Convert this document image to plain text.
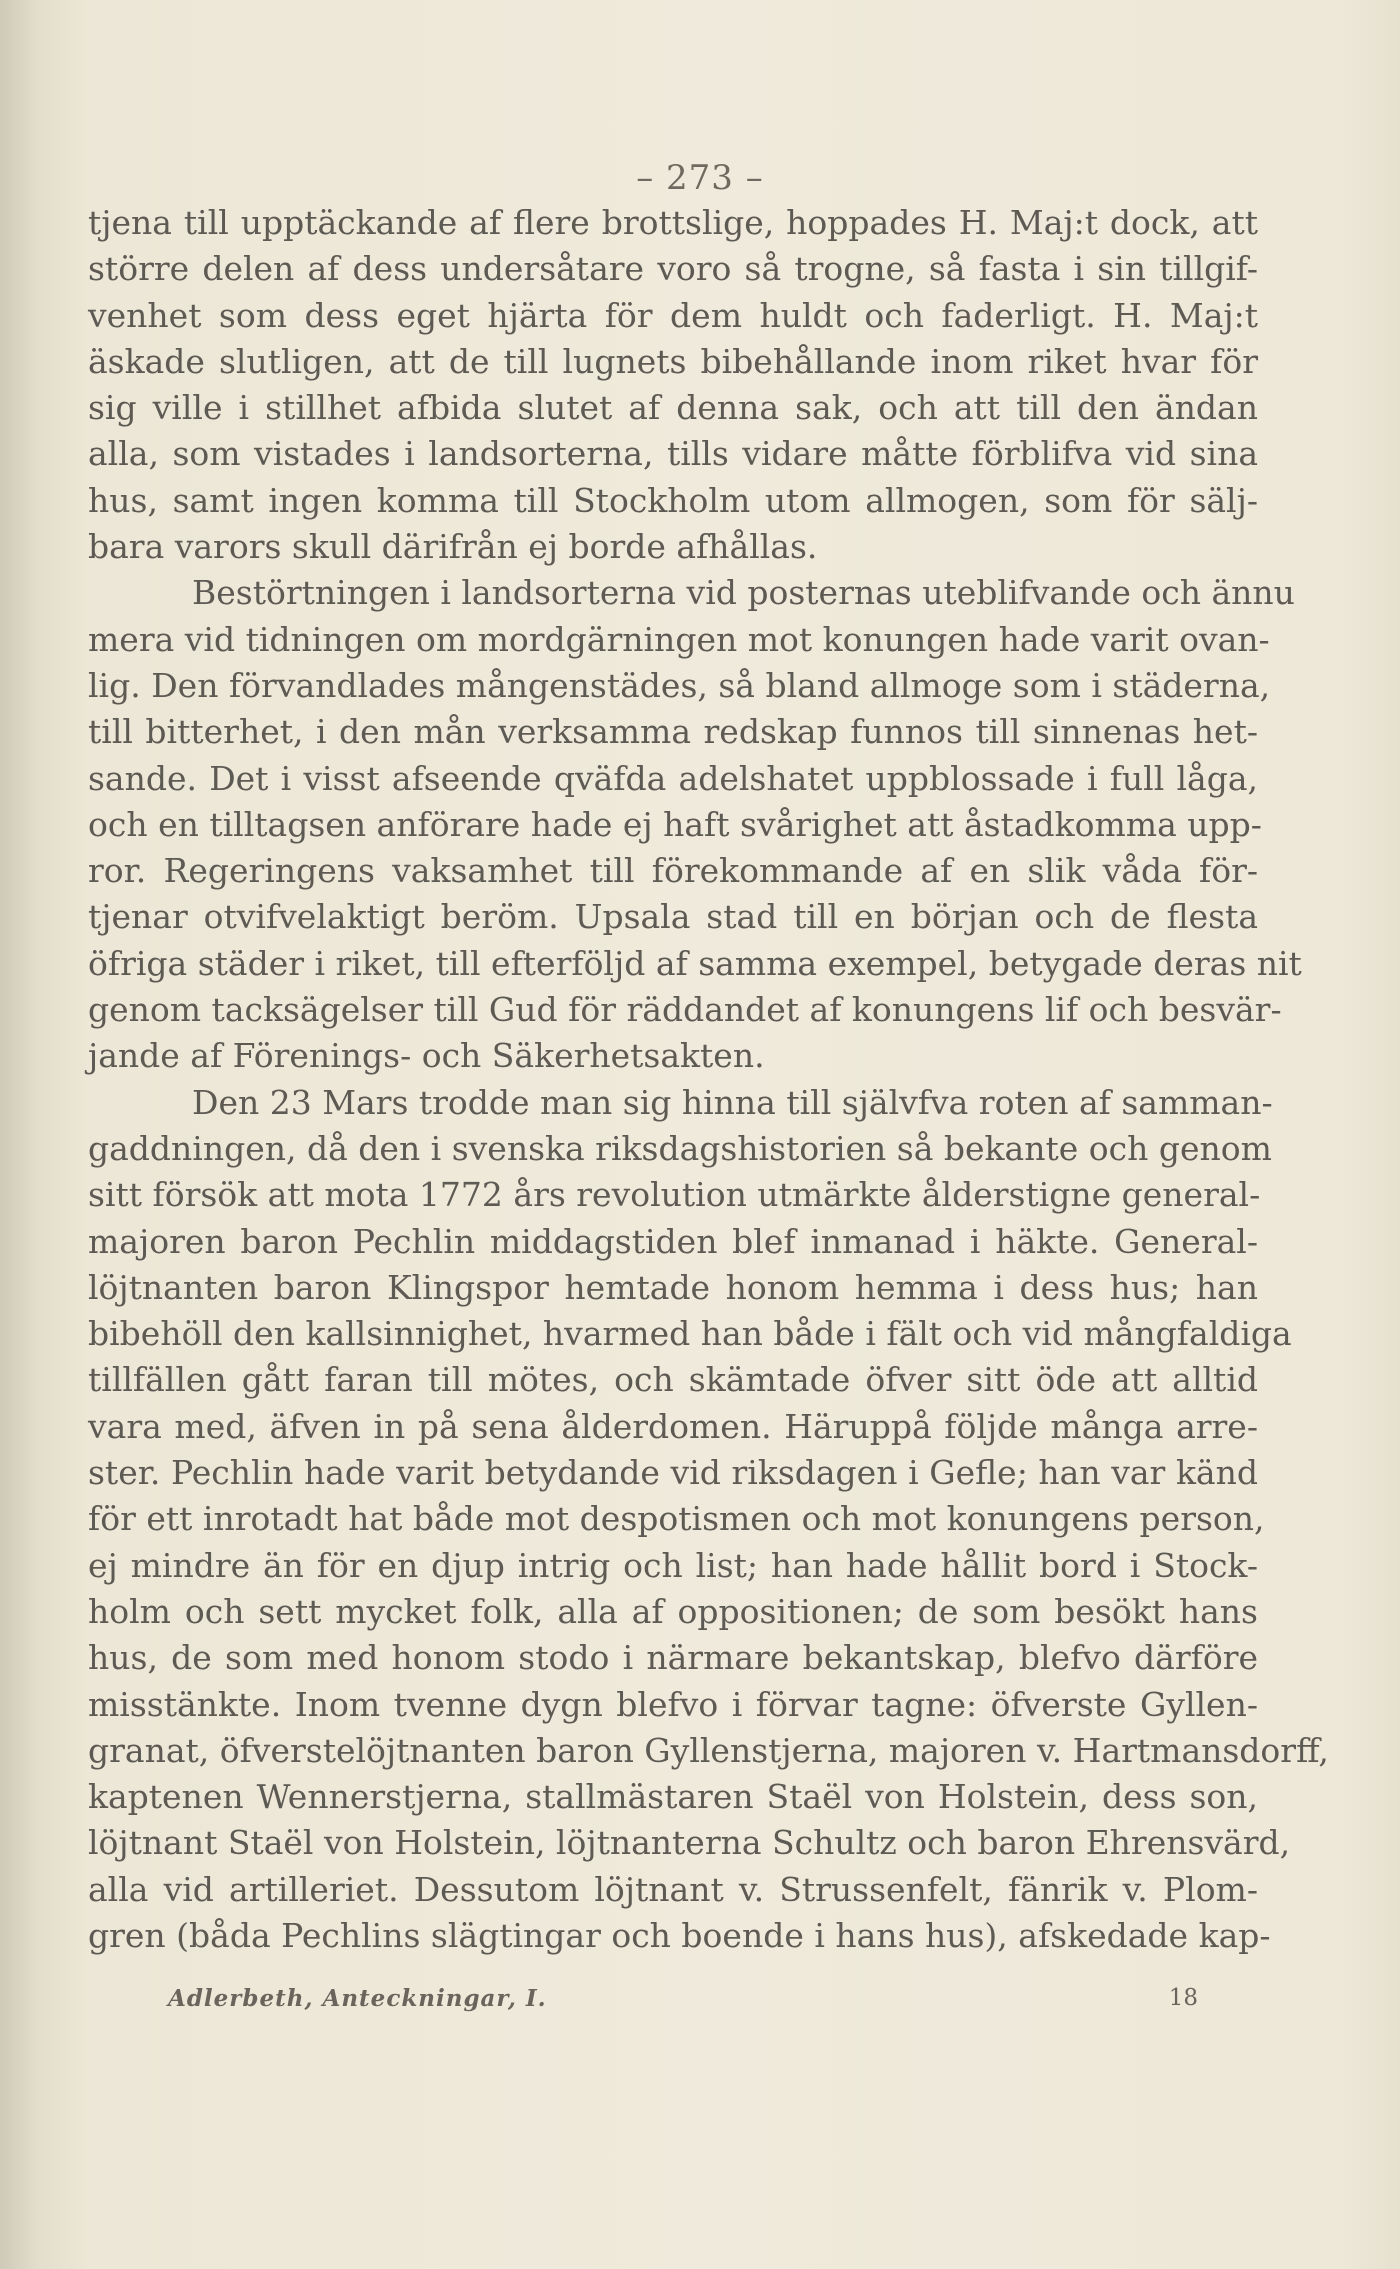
– 273 –
tjena till upptäckande af flere brottslige, hoppades H. Maj:t dock, att
större delen af dess undersåtare voro så trogne, så fasta i sin tillgif-
venhet som dess eget hjärta för dem huldt och faderligt. H. Maj:t
äskade slutligen, att de till lugnets bibehållande inom riket hvar för
sig ville i stillhet afbida slutet af denna sak, och att till den ändan
alla, som vistades i landsorterna, tills vidare måtte förblifva vid sina
hus, samt ingen komma till Stockholm utom allmogen, som för sälj-
bara varors skull därifrån ej borde afhållas.
Bestörtningen i landsorterna vid posternas uteblifvande och ännu
mera vid tidningen om mordgärningen mot konungen hade varit ovan-
lig. Den förvandlades mångenstädes, så bland allmoge som i städerna,
till bitterhet, i den mån verksamma redskap funnos till sinnenas het-
sande. Det i visst afseende qväfda adelshatet uppblossade i full låga,
och en tilltagsen anförare hade ej haft svårighet att åstadkomma upp-
ror. Regeringens vaksamhet till förekommande af en slik våda för-
tjenar otvifvelaktigt beröm. Upsala stad till en början och de flesta
öfriga städer i riket, till efterföljd af samma exempel, betygade deras nit
genom tacksägelser till Gud för räddandet af konungens lif och besvär-
jande af Förenings- och Säkerhetsakten.
Den 23 Mars trodde man sig hinna till självfva roten af samman-
gaddningen, då den i svenska riksdagshistorien så bekante och genom
sitt försök att mota 1772 års revolution utmärkte ålderstigne general-
majoren baron Pechlin middagstiden blef inmanad i häkte. General-
löjtnanten baron Klingspor hemtade honom hemma i dess hus; han
bibehöll den kallsinnighet, hvarmed han både i fält och vid mångfaldiga
tillfällen gått faran till mötes, och skämtade öfver sitt öde att alltid
vara med, äfven in på sena ålderdomen. Häruppå följde många arre-
ster. Pechlin hade varit betydande vid riksdagen i Gefle; han var känd
för ett inrotadt hat både mot despotismen och mot konungens person,
ej mindre än för en djup intrig och list; han hade hållit bord i Stock-
holm och sett mycket folk, alla af oppositionen; de som besökt hans
hus, de som med honom stodo i närmare bekantskap, blefvo därföre
misstänkte. Inom tvenne dygn blefvo i förvar tagne: öfverste Gyllen-
granat, öfverstelöjtnanten baron Gyllenstjerna, majoren v. Hartmansdorff,
kaptenen Wennerstjerna, stallmästaren Staël von Holstein, dess son,
löjtnant Staël von Holstein, löjtnanterna Schultz och baron Ehrensvärd,
alla vid artilleriet. Dessutom löjtnant v. Strussenfelt, fänrik v. Plom-
gren (båda Pechlins slägtingar och boende i hans hus), afskedade kap-
Adlerbeth, Anteckningar, I.	18
